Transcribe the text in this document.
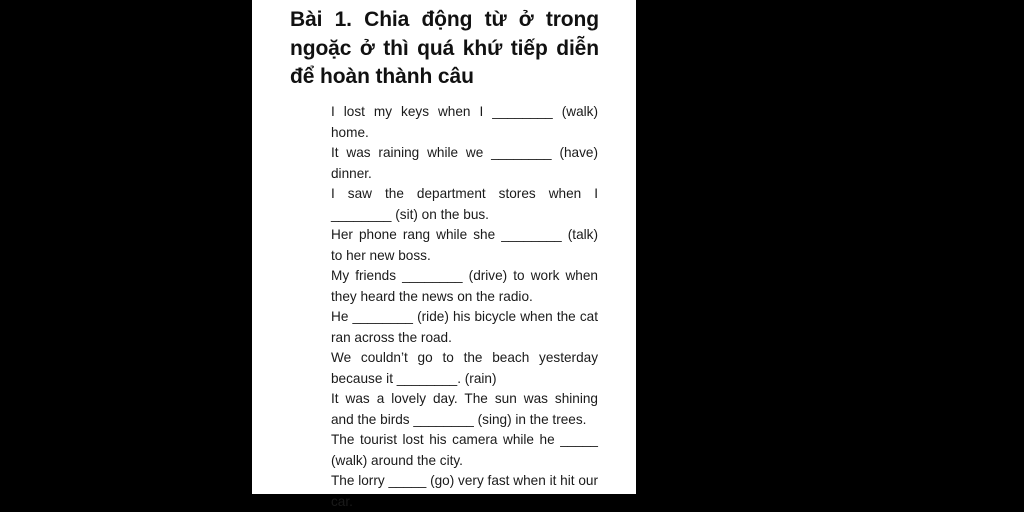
Bài 1. Chia động từ ở trong ngoặc ở thì quá khứ tiếp diễn để hoàn thành câu
I lost my keys when I ________ (walk) home.
It was raining while we ________ (have) dinner.
I saw the department stores when I ________ (sit) on the bus.
Her phone rang while she ________ (talk) to her new boss.
My friends ________ (drive) to work when they heard the news on the radio.
He ________ (ride) his bicycle when the cat ran across the road.
We couldn’t go to the beach yesterday because it ________. (rain)
It was a lovely day. The sun was shining and the birds ________ (sing) in the trees.
The tourist lost his camera while he _____ (walk) around the city.
The lorry _____ (go) very fast when it hit our car.
